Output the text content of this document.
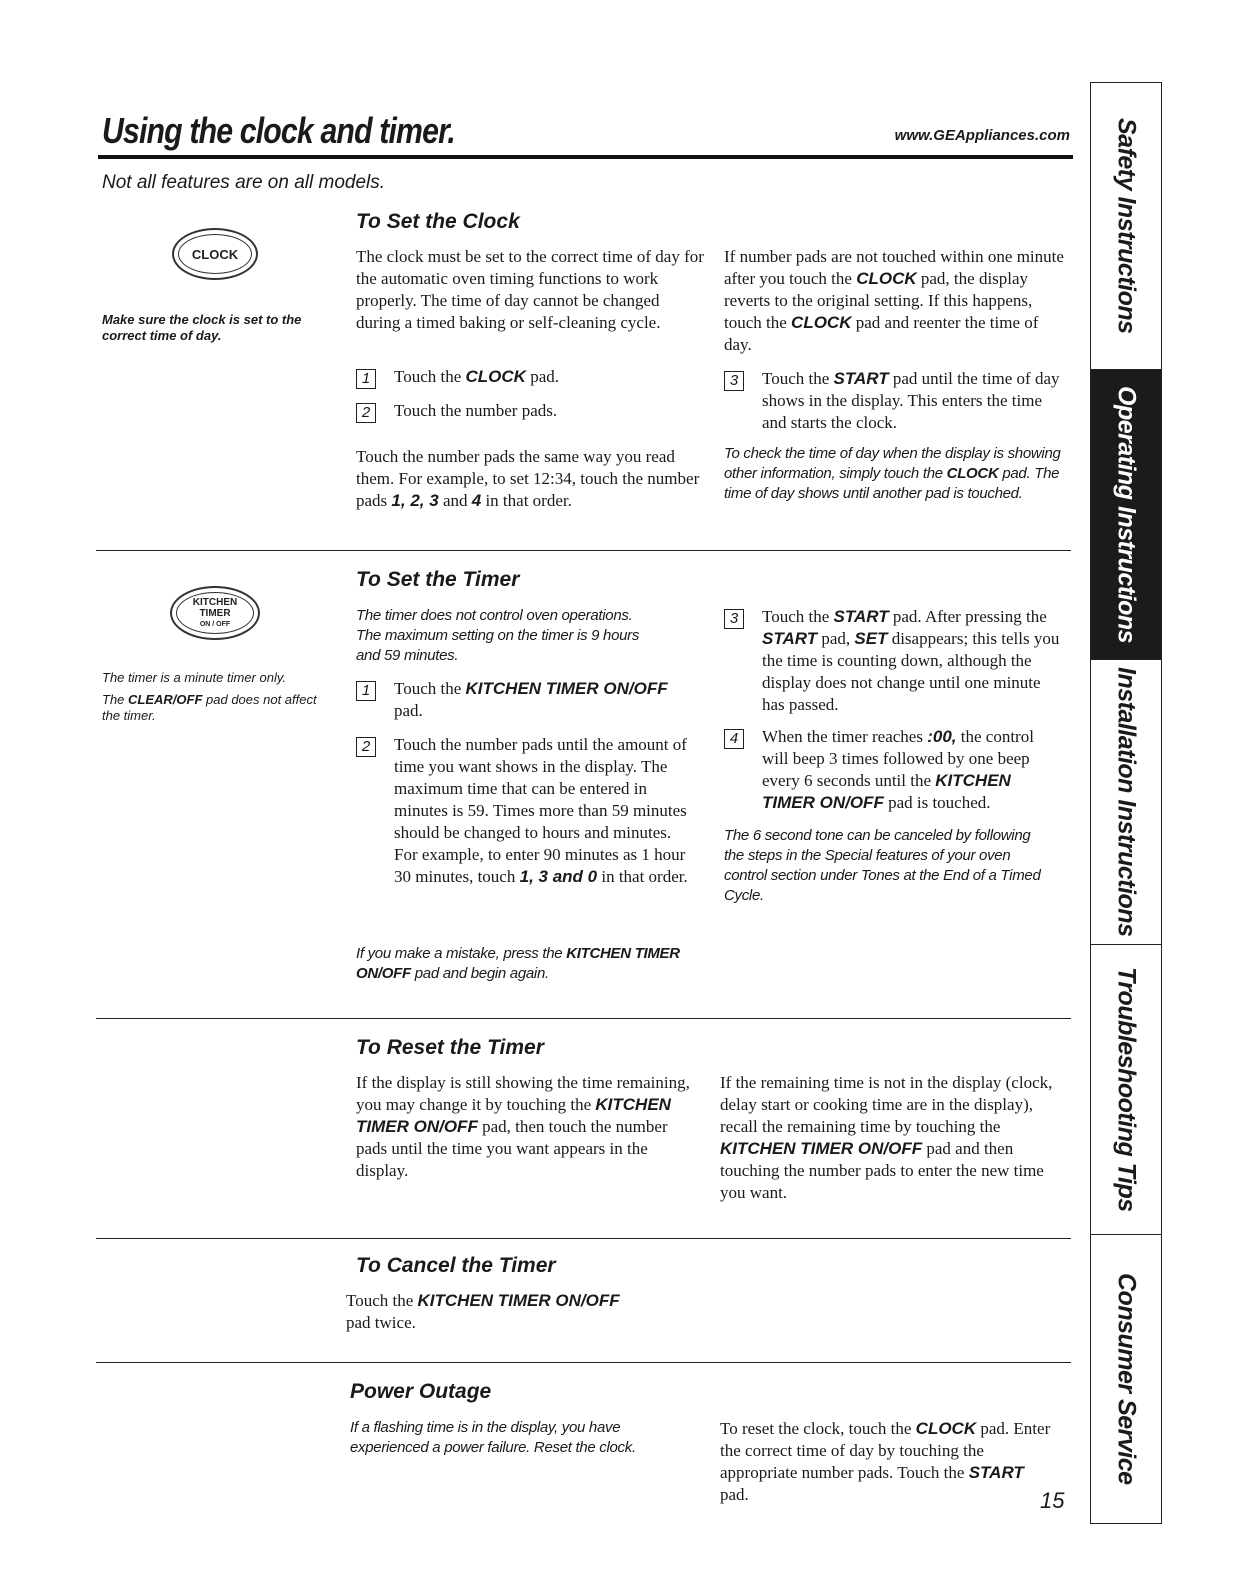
Using the clock and timer.	www.GEAppliances.com
Not all features are on all models.
CLOCK
Make sure the clock is set to the correct time of day.
To Set the Clock
The clock must be set to the correct time of day for the automatic oven timing functions to work properly. The time of day cannot be changed during a timed baking or self-cleaning cycle.
1	Touch the CLOCK pad.
2	Touch the number pads.
Touch the number pads the same way you read them. For example, to set 12:34, touch the number pads 1, 2, 3 and 4 in that order.
If number pads are not touched within one minute after you touch the CLOCK pad, the display reverts to the original setting. If this happens, touch the CLOCK pad and reenter the time of day.
3	Touch the START pad until the time of day shows in the display. This enters the time and starts the clock.
To check the time of day when the display is showing other information, simply touch the CLOCK pad. The time of day shows until another pad is touched.
KITCHEN
TIMER
ON / OFF
The timer is a minute timer only.
The CLEAR/OFF pad does not affect the timer.
To Set the Timer
The timer does not control oven operations. The maximum setting on the timer is 9 hours and 59 minutes.
1	Touch the KITCHEN TIMER ON/OFF pad.
2	Touch the number pads until the amount of time you want shows in the display. The maximum time that can be entered in minutes is 59. Times more than 59 minutes should be changed to hours and minutes. For example, to enter 90 minutes as 1 hour 30 minutes, touch 1, 3 and 0 in that order.
If you make a mistake, press the KITCHEN TIMER ON/OFF pad and begin again.
3	Touch the START pad. After pressing the START pad, SET disappears; this tells you the time is counting down, although the display does not change until one minute has passed.
4	When the timer reaches :00, the control will beep 3 times followed by one beep every 6 seconds until the KITCHEN TIMER ON/OFF pad is touched.
The 6 second tone can be canceled by following the steps in the Special features of your oven control section under Tones at the End of a Timed Cycle.
To Reset the Timer
If the display is still showing the time remaining, you may change it by touching the KITCHEN TIMER ON/OFF pad, then touch the number pads until the time you want appears in the display.
If the remaining time is not in the display (clock, delay start or cooking time are in the display), recall the remaining time by touching the KITCHEN TIMER ON/OFF pad and then touching the number pads to enter the new time you want.
To Cancel the Timer
Touch the KITCHEN TIMER ON/OFF pad twice.
Power Outage
If a flashing time is in the display, you have experienced a power failure. Reset the clock.
To reset the clock, touch the CLOCK pad. Enter the correct time of day by touching the appropriate number pads. Touch the START pad.	15
Safety Instructions
Operating Instructions
Installation Instructions
Troubleshooting Tips
Consumer Service
